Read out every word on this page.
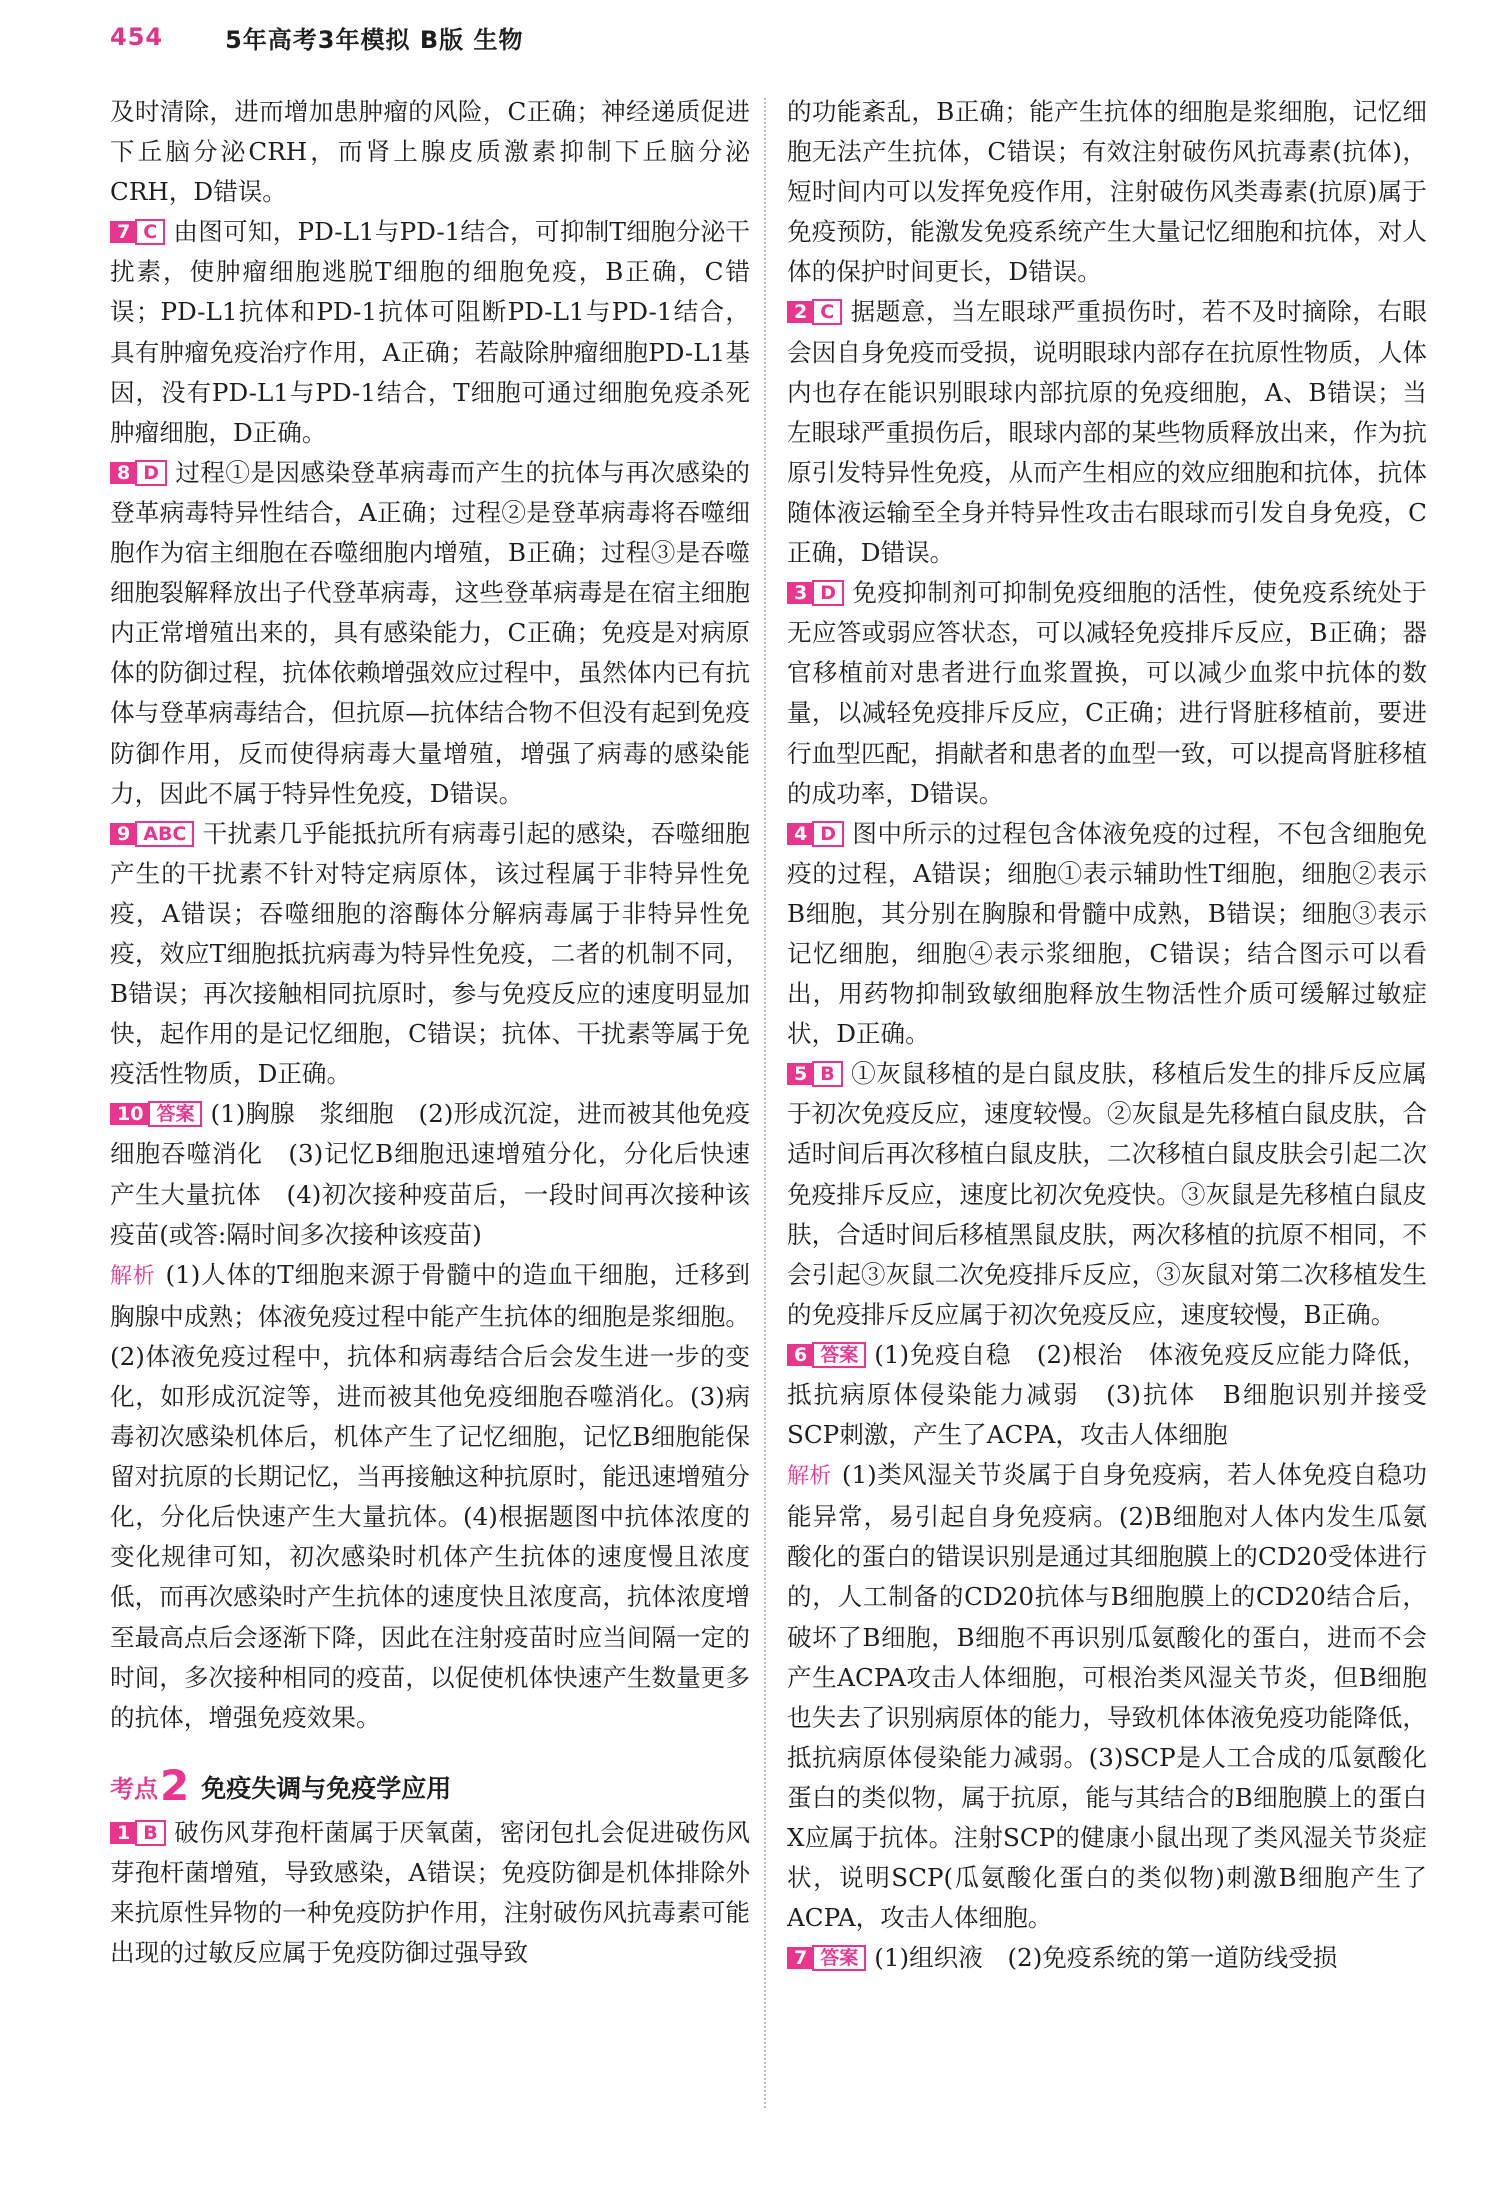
454	5年高考3年模拟 B版 生物

及时清除，进而增加患肿瘤的风险，C正确；神经递质促进下丘脑分泌CRH，而肾上腺皮质激素抑制下丘脑分泌CRH，D错误。

7 C 由图可知，PD-L1与PD-1结合，可抑制T细胞分泌干扰素，使肿瘤细胞逃脱T细胞的细胞免疫，B正确，C错误；PD-L1抗体和PD-1抗体可阻断PD-L1与PD-1结合，具有肿瘤免疫治疗作用，A正确；若敲除肿瘤细胞PD-L1基因，没有PD-L1与PD-1结合，T细胞可通过细胞免疫杀死肿瘤细胞，D正确。

8 D 过程①是因感染登革病毒而产生的抗体与再次感染的登革病毒特异性结合，A正确；过程②是登革病毒将吞噬细胞作为宿主细胞在吞噬细胞内增殖，B正确；过程③是吞噬细胞裂解释放出子代登革病毒，这些登革病毒是在宿主细胞内正常增殖出来的，具有感染能力，C正确；免疫是对病原体的防御过程，抗体依赖增强效应过程中，虽然体内已有抗体与登革病毒结合，但抗原—抗体结合物不但没有起到免疫防御作用，反而使得病毒大量增殖，增强了病毒的感染能力，因此不属于特异性免疫，D错误。

9 ABC 干扰素几乎能抵抗所有病毒引起的感染，吞噬细胞产生的干扰素不针对特定病原体，该过程属于非特异性免疫，A错误；吞噬细胞的溶酶体分解病毒属于非特异性免疫，效应T细胞抵抗病毒为特异性免疫，二者的机制不同，B错误；再次接触相同抗原时，参与免疫反应的速度明显加快，起作用的是记忆细胞，C错误；抗体、干扰素等属于免疫活性物质，D正确。

10 答案 (1)胸腺　浆细胞　(2)形成沉淀，进而被其他免疫细胞吞噬消化　(3)记忆B细胞迅速增殖分化，分化后快速产生大量抗体　(4)初次接种疫苗后，一段时间再次接种该疫苗(或答:隔时间多次接种该疫苗)

解析 (1)人体的T细胞来源于骨髓中的造血干细胞，迁移到胸腺中成熟；体液免疫过程中能产生抗体的细胞是浆细胞。(2)体液免疫过程中，抗体和病毒结合后会发生进一步的变化，如形成沉淀等，进而被其他免疫细胞吞噬消化。(3)病毒初次感染机体后，机体产生了记忆细胞，记忆B细胞能保留对抗原的长期记忆，当再接触这种抗原时，能迅速增殖分化，分化后快速产生大量抗体。(4)根据题图中抗体浓度的变化规律可知，初次感染时机体产生抗体的速度慢且浓度低，而再次感染时产生抗体的速度快且浓度高，抗体浓度增至最高点后会逐渐下降，因此在注射疫苗时应当间隔一定的时间，多次接种相同的疫苗，以促使机体快速产生数量更多的抗体，增强免疫效果。

考点2 免疫失调与免疫学应用

1 B 破伤风芽孢杆菌属于厌氧菌，密闭包扎会促进破伤风芽孢杆菌增殖，导致感染，A错误；免疫防御是机体排除外来抗原性异物的一种免疫防护作用，注射破伤风抗毒素可能出现的过敏反应属于免疫防御过强导致

的功能紊乱，B正确；能产生抗体的细胞是浆细胞，记忆细胞无法产生抗体，C错误；有效注射破伤风抗毒素(抗体)，短时间内可以发挥免疫作用，注射破伤风类毒素(抗原)属于免疫预防，能激发免疫系统产生大量记忆细胞和抗体，对人体的保护时间更长，D错误。

2 C 据题意，当左眼球严重损伤时，若不及时摘除，右眼会因自身免疫而受损，说明眼球内部存在抗原性物质，人体内也存在能识别眼球内部抗原的免疫细胞，A、B错误；当左眼球严重损伤后，眼球内部的某些物质释放出来，作为抗原引发特异性免疫，从而产生相应的效应细胞和抗体，抗体随体液运输至全身并特异性攻击右眼球而引发自身免疫，C正确，D错误。

3 D 免疫抑制剂可抑制免疫细胞的活性，使免疫系统处于无应答或弱应答状态，可以减轻免疫排斥反应，B正确；器官移植前对患者进行血浆置换，可以减少血浆中抗体的数量，以减轻免疫排斥反应，C正确；进行肾脏移植前，要进行血型匹配，捐献者和患者的血型一致，可以提高肾脏移植的成功率，D错误。

4 D 图中所示的过程包含体液免疫的过程，不包含细胞免疫的过程，A错误；细胞①表示辅助性T细胞，细胞②表示B细胞，其分别在胸腺和骨髓中成熟，B错误；细胞③表示记忆细胞，细胞④表示浆细胞，C错误；结合图示可以看出，用药物抑制致敏细胞释放生物活性介质可缓解过敏症状，D正确。

5 B ①灰鼠移植的是白鼠皮肤，移植后发生的排斥反应属于初次免疫反应，速度较慢。②灰鼠是先移植白鼠皮肤，合适时间后再次移植白鼠皮肤，二次移植白鼠皮肤会引起二次免疫排斥反应，速度比初次免疫快。③灰鼠是先移植白鼠皮肤，合适时间后移植黑鼠皮肤，两次移植的抗原不相同，不会引起③灰鼠二次免疫排斥反应，③灰鼠对第二次移植发生的免疫排斥反应属于初次免疫反应，速度较慢，B正确。

6 答案 (1)免疫自稳　(2)根治　体液免疫反应能力降低，抵抗病原体侵染能力减弱　(3)抗体　B细胞识别并接受SCP刺激，产生了ACPA，攻击人体细胞

解析 (1)类风湿关节炎属于自身免疫病，若人体免疫自稳功能异常，易引起自身免疫病。(2)B细胞对人体内发生瓜氨酸化的蛋白的错误识别是通过其细胞膜上的CD20受体进行的，人工制备的CD20抗体与B细胞膜上的CD20结合后，破坏了B细胞，B细胞不再识别瓜氨酸化的蛋白，进而不会产生ACPA攻击人体细胞，可根治类风湿关节炎，但B细胞也失去了识别病原体的能力，导致机体体液免疫功能降低，抵抗病原体侵染能力减弱。(3)SCP是人工合成的瓜氨酸化蛋白的类似物，属于抗原，能与其结合的B细胞膜上的蛋白X应属于抗体。注射SCP的健康小鼠出现了类风湿关节炎症状，说明SCP(瓜氨酸化蛋白的类似物)刺激B细胞产生了ACPA，攻击人体细胞。

7 答案 (1)组织液　(2)免疫系统的第一道防线受损
